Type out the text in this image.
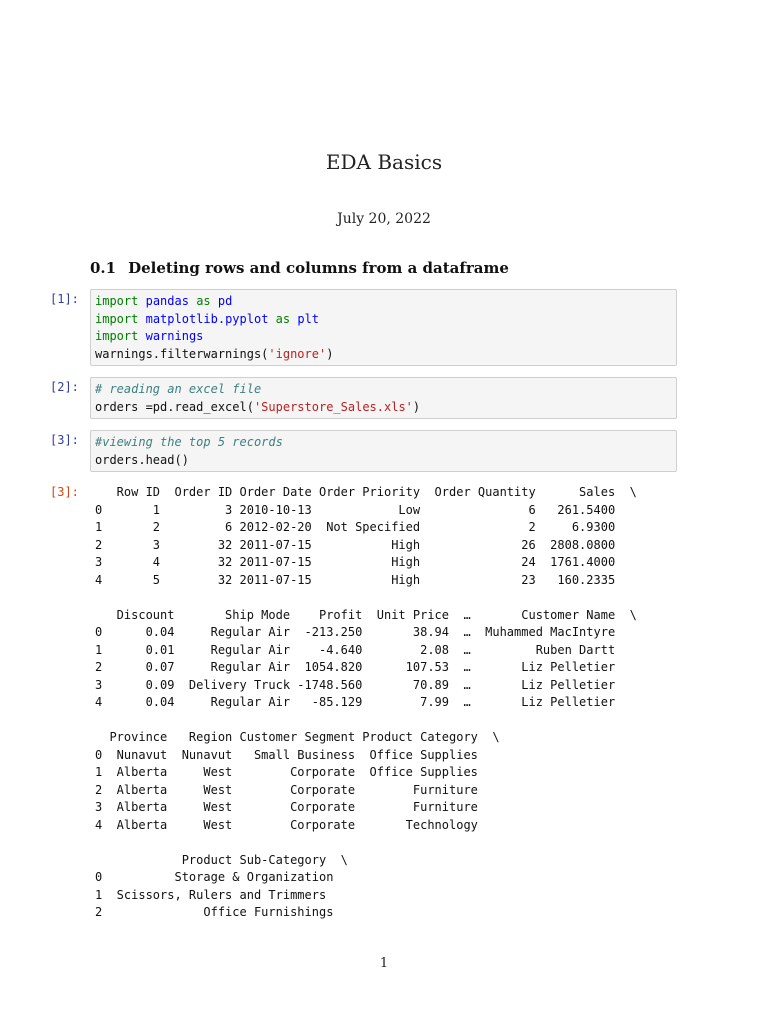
EDA Basics
July 20, 2022
0.1 Deleting rows and columns from a dataframe
[1]:	import pandas as pd
import matplotlib.pyplot as plt
import warnings
warnings.filterwarnings('ignore')
[2]:	# reading an excel file
orders =pd.read_excel('Superstore_Sales.xls')
[3]:	#viewing the top 5 records
orders.head()
[3]:	Row ID  Order ID Order Date Order Priority  Order Quantity      Sales  \
0       1         3 2010-10-13            Low               6   261.5400
1       2         6 2012-02-20  Not Specified               2     6.9300
2       3        32 2011-07-15           High              26  2808.0800
3       4        32 2011-07-15           High              24  1761.4000
4       5        32 2011-07-15           High              23   160.2335
Discount       Ship Mode    Profit  Unit Price  …       Customer Name  \
0      0.04     Regular Air  -213.250       38.94  …  Muhammed MacIntyre
1      0.01     Regular Air    -4.640        2.08  …         Ruben Dartt
2      0.07     Regular Air  1054.820      107.53  …       Liz Pelletier
3      0.09  Delivery Truck -1748.560       70.89  …       Liz Pelletier
4      0.04     Regular Air   -85.129        7.99  …       Liz Pelletier
Province   Region Customer Segment Product Category  \
0  Nunavut  Nunavut   Small Business  Office Supplies
1  Alberta     West        Corporate  Office Supplies
2  Alberta     West        Corporate        Furniture
3  Alberta     West        Corporate        Furniture
4  Alberta     West        Corporate       Technology
Product Sub-Category  \
0          Storage & Organization
1  Scissors, Rulers and Trimmers
2              Office Furnishings
1
